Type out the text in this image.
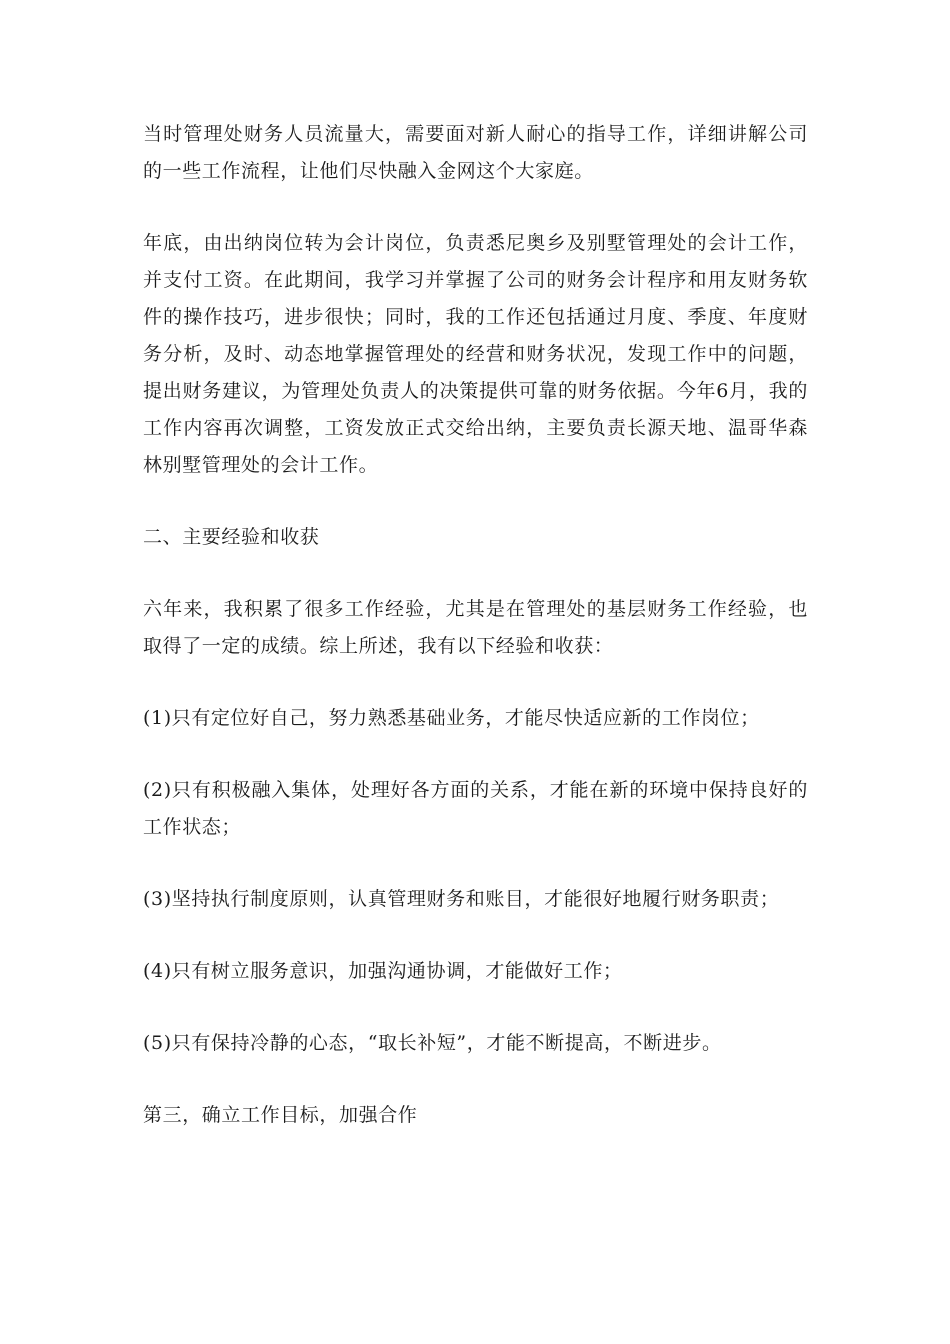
当时管理处财务人员流量大，需要面对新人耐心的指导工作，详细讲解公司的一些工作流程，让他们尽快融入金网这个大家庭。

年底，由出纳岗位转为会计岗位，负责悉尼奥乡及别墅管理处的会计工作，并支付工资。在此期间，我学习并掌握了公司的财务会计程序和用友财务软件的操作技巧，进步很快；同时，我的工作还包括通过月度、季度、年度财务分析，及时、动态地掌握管理处的经营和财务状况，发现工作中的问题，提出财务建议，为管理处负责人的决策提供可靠的财务依据。今年6月，我的工作内容再次调整，工资发放正式交给出纳，主要负责长源天地、温哥华森林别墅管理处的会计工作。

二、主要经验和收获

六年来，我积累了很多工作经验，尤其是在管理处的基层财务工作经验，也取得了一定的成绩。综上所述，我有以下经验和收获：

(1)只有定位好自己，努力熟悉基础业务，才能尽快适应新的工作岗位；

(2)只有积极融入集体，处理好各方面的关系，才能在新的环境中保持良好的工作状态；

(3)坚持执行制度原则，认真管理财务和账目，才能很好地履行财务职责；

(4)只有树立服务意识，加强沟通协调，才能做好工作；

(5)只有保持冷静的心态，“取长补短”，才能不断提高，不断进步。

第三，确立工作目标，加强合作
